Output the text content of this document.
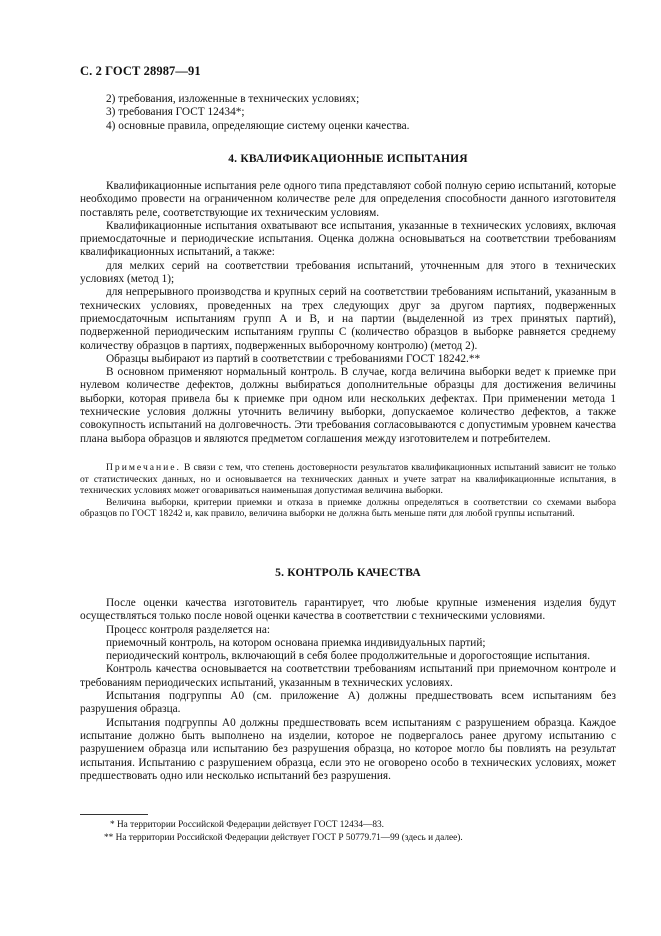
С. 2 ГОСТ 28987—91
2) требования, изложенные в технических условиях;
3) требования ГОСТ 12434*;
4) основные правила, определяющие систему оценки качества.
4. КВАЛИФИКАЦИОННЫЕ ИСПЫТАНИЯ

Квалификационные испытания реле одного типа представляют собой полную серию испытаний, которые необходимо провести на ограниченном количестве реле для определения способности данного изготовителя поставлять реле, соответствующие их техническим условиям.

Квалификационные испытания охватывают все испытания, указанные в технических условиях, включая приемосдаточные и периодические испытания. Оценка должна основываться на соответствии требованиям квалификационных испытаний, а также:

для мелких серий на соответствии требования испытаний, уточненным для этого в технических условиях (метод 1);

для непрерывного производства и крупных серий на соответствии требованиям испытаний, указанным в технических условиях, проведенных на трех следующих друг за другом партиях, подверженных приемосдаточным испытаниям групп А и В, и на партии (выделенной из трех принятых партий), подверженной периодическим испытаниям группы С (количество образцов в выборке равняется среднему количеству образцов в партиях, подверженных выборочному контролю) (метод 2).

Образцы выбирают из партий в соответствии с требованиями ГОСТ 18242.**

В основном применяют нормальный контроль. В случае, когда величина выборки ведет к приемке при нулевом количестве дефектов, должны выбираться дополнительные образцы для достижения величины выборки, которая привела бы к приемке при одном или нескольких дефектах. При применении метода 1 технические условия должны уточнить величину выборки, допускаемое количество дефектов, а также совокупность испытаний на долговечность. Эти требования согласовываются с допустимым уровнем качества плана выбора образцов и являются предметом соглашения между изготовителем и потребителем.

Примечание. В связи с тем, что степень достоверности результатов квалификационных испытаний зависит не только от статистических данных, но и основывается на технических данных и учете затрат на квалификационные испытания, в технических условиях может оговариваться наименьшая допустимая величина выборки.

Величина выборки, критерии приемки и отказа в приемке должны определяться в соответствии со схемами выбора образцов по ГОСТ 18242 и, как правило, величина выборки не должна быть меньше пяти для любой группы испытаний.

5. КОНТРОЛЬ КАЧЕСТВА

После оценки качества изготовитель гарантирует, что любые крупные изменения изделия будут осуществляться только после новой оценки качества в соответствии с техническими условиями.

Процесс контроля разделяется на:

приемочный контроль, на котором основана приемка индивидуальных партий;

периодический контроль, включающий в себя более продолжительные и дорогостоящие испытания.

Контроль качества основывается на соответствии требованиям испытаний при приемочном контроле и требованиям периодических испытаний, указанным в технических условиях.

Испытания подгруппы А0 (см. приложение А) должны предшествовать всем испытаниям без разрушения образца.

Испытания подгруппы А0 должны предшествовать всем испытаниям с разрушением образца. Каждое испытание должно быть выполнено на изделии, которое не подвергалось ранее другому испытанию с разрушением образца или испытанию без разрушения образца, но которое могло бы повлиять на результат испытания. Испытанию с разрушением образца, если это не оговорено особо в технических условиях, может предшествовать одно или несколько испытаний без разрушения.

* На территории Российской Федерации действует ГОСТ 12434—83.
** На территории Российской Федерации действует ГОСТ Р 50779.71—99 (здесь и далее).
